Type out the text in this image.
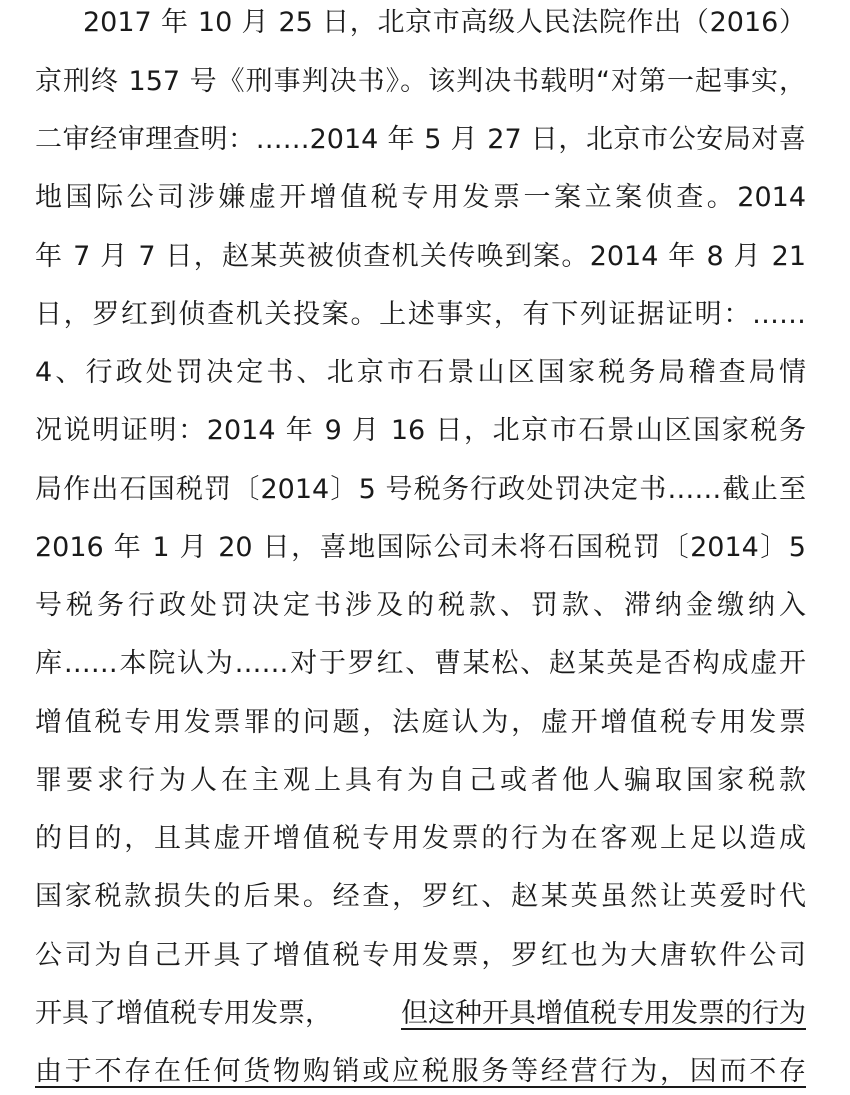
2017 年 10 月 25 日，北京市高级人民法院作出（2016）
京刑终 157 号《刑事判决书》。该判决书载明“对第一起事实，
二审经审理查明：……2014 年 5 月 27 日，北京市公安局对喜
地国际公司涉嫌虚开增值税专用发票一案立案侦查。2014
年 7 月 7 日，赵某英被侦查机关传唤到案。2014 年 8 月 21
日，罗红到侦查机关投案。上述事实，有下列证据证明：……
4、行政处罚决定书、北京市石景山区国家税务局稽查局情
况说明证明：2014 年 9 月 16 日，北京市石景山区国家税务
局作出石国税罚〔2014〕5 号税务行政处罚决定书……截止至
2016 年 1 月 20 日，喜地国际公司未将石国税罚〔2014〕5
号税务行政处罚决定书涉及的税款、罚款、滞纳金缴纳入
库……本院认为……对于罗红、曹某松、赵某英是否构成虚开
增值税专用发票罪的问题，法庭认为，虚开增值税专用发票
罪要求行为人在主观上具有为自己或者他人骗取国家税款
的目的，且其虚开增值税专用发票的行为在客观上足以造成
国家税款损失的后果。经查，罗红、赵某英虽然让英爱时代
公司为自己开具了增值税专用发票，罗红也为大唐软件公司
开具了增值税专用发票，	但这种开具增值税专用发票的行为
由于不存在任何货物购销或应税服务等经营行为，因而不存
